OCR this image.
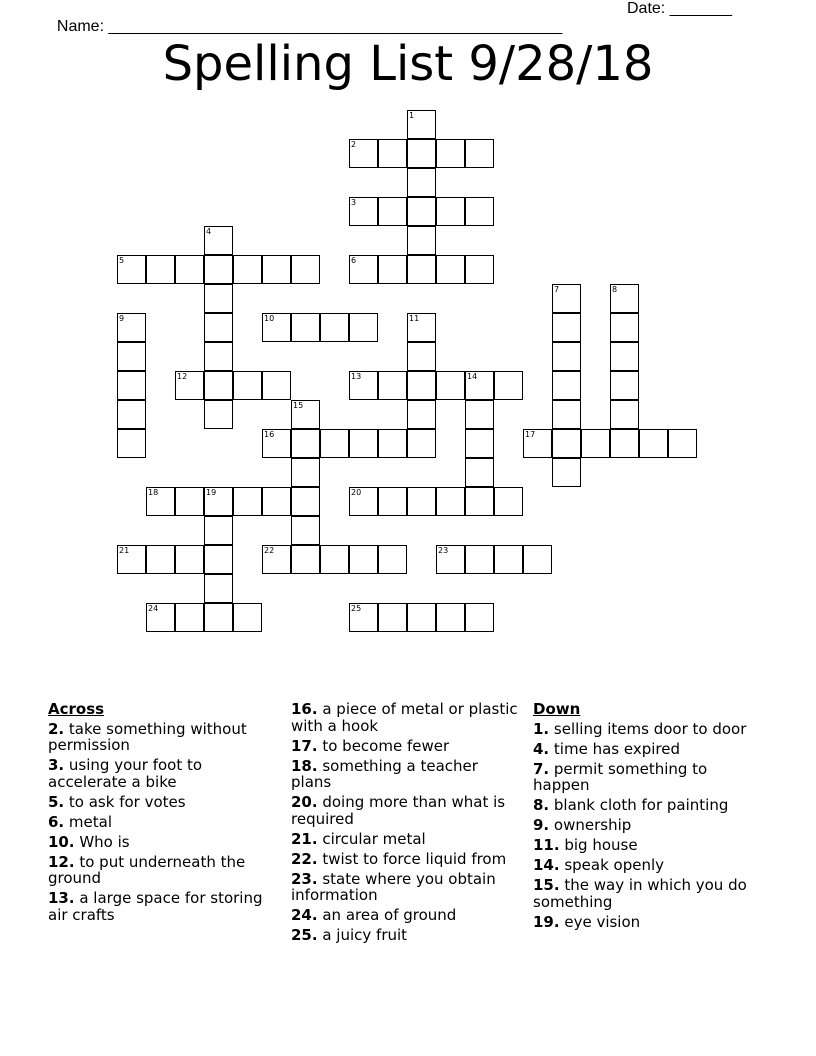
Name: ___________________________________________________

Date: _______

Spelling List 9/28/18
1
2
3
4
5	6
7	8
9	10	11
12	13	14
15
16	17
18	19	20
21	22	23
24	25
Across
2. take something without permission
3. using your foot to accelerate a bike
5. to ask for votes
6. metal
10. Who is
12. to put underneath the ground
13. a large space for storing air crafts
16. a piece of metal or plastic with a hook
17. to become fewer
18. something a teacher plans
20. doing more than what is required
21. circular metal
22. twist to force liquid from
23. state where you obtain information
24. an area of ground
25. a juicy fruit
Down
1. selling items door to door
4. time has expired
7. permit something to happen
8. blank cloth for painting
9. ownership
11. big house
14. speak openly
15. the way in which you do something
19. eye vision
